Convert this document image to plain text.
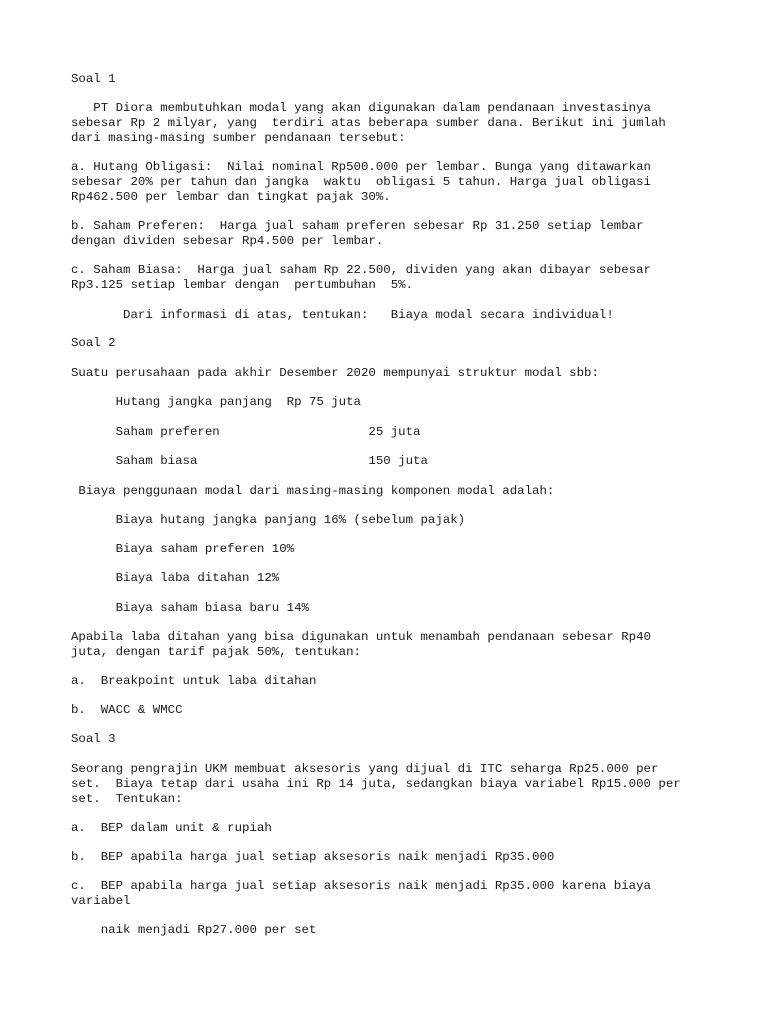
Soal 1
PT Diora membutuhkan modal yang akan digunakan dalam pendanaan investasinya
sebesar Rp 2 milyar, yang  terdiri atas beberapa sumber dana. Berikut ini jumlah
dari masing-masing sumber pendanaan tersebut:
a. Hutang Obligasi:  Nilai nominal Rp500.000 per lembar. Bunga yang ditawarkan
sebesar 20% per tahun dan jangka  waktu  obligasi 5 tahun. Harga jual obligasi
Rp462.500 per lembar dan tingkat pajak 30%.
b. Saham Preferen:  Harga jual saham preferen sebesar Rp 31.250 setiap lembar
dengan dividen sebesar Rp4.500 per lembar.
c. Saham Biasa:  Harga jual saham Rp 22.500, dividen yang akan dibayar sebesar
Rp3.125 setiap lembar dengan  pertumbuhan  5%.
Dari informasi di atas, tentukan:   Biaya modal secara individual!
Soal 2
Suatu perusahaan pada akhir Desember 2020 mempunyai struktur modal sbb:
Hutang jangka panjang  Rp 75 juta
Saham preferen                    25 juta
Saham biasa                       150 juta
Biaya penggunaan modal dari masing-masing komponen modal adalah:
Biaya hutang jangka panjang 16% (sebelum pajak)
Biaya saham preferen 10%
Biaya laba ditahan 12%
Biaya saham biasa baru 14%
Apabila laba ditahan yang bisa digunakan untuk menambah pendanaan sebesar Rp40
juta, dengan tarif pajak 50%, tentukan:
a.  Breakpoint untuk laba ditahan
b.  WACC & WMCC
Soal 3
Seorang pengrajin UKM membuat aksesoris yang dijual di ITC seharga Rp25.000 per
set.  Biaya tetap dari usaha ini Rp 14 juta, sedangkan biaya variabel Rp15.000 per
set.  Tentukan:
a.  BEP dalam unit & rupiah
b.  BEP apabila harga jual setiap aksesoris naik menjadi Rp35.000
c.  BEP apabila harga jual setiap aksesoris naik menjadi Rp35.000 karena biaya
variabel
naik menjadi Rp27.000 per set
